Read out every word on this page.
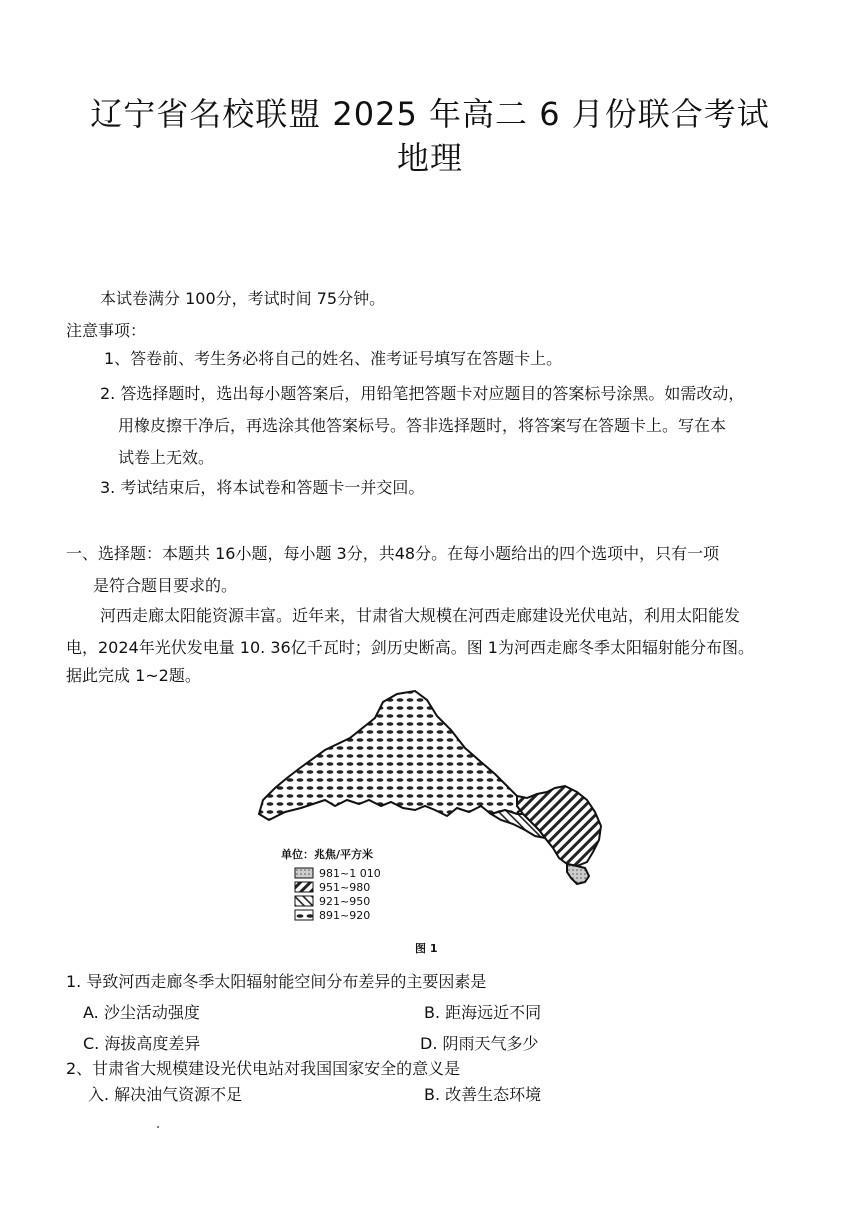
辽宁省名校联盟 2025 年高二 6 月份联合考试
地理
本试卷满分 100分，考试时间 75分钟。
注意事项：
1、答卷前、考生务必将自己的姓名、准考证号填写在答题卡上。
2. 答选择题时，选出每小题答案后，用铅笔把答题卡对应题目的答案标号涂黑。如需改动，
用橡皮擦干净后，再选涂其他答案标号。答非选择题时，将答案写在答题卡上。写在本
试卷上无效。
3. 考试结束后，将本试卷和答题卡一并交回。
一、选择题：本题共 16小题，每小题 3分，共48分。在每小题给出的四个选项中，只有一项
是符合题目要求的。
河西走廊太阳能资源丰富。近年来，甘肃省大规模在河西走廊建设光伏电站，利用太阳能发
电，2024年光伏发电量 10. 36亿千瓦时；剑历史断高。图 1为河西走廊冬季太阳辐射能分布图。
据此完成 1~2题。
单位：兆焦/平方米
981~1 010
951~980
921~950
891~920
图 1
1. 导致河西走廊冬季太阳辐射能空间分布差异的主要因素是
A. 沙尘活动强度	B. 距海远近不同
C. 海拔高度差异	D. 阴雨天气多少
2、甘肃省大规模建设光伏电站对我国国家安全的意义是
入. 解决油气资源不足	B. 改善生态环境
